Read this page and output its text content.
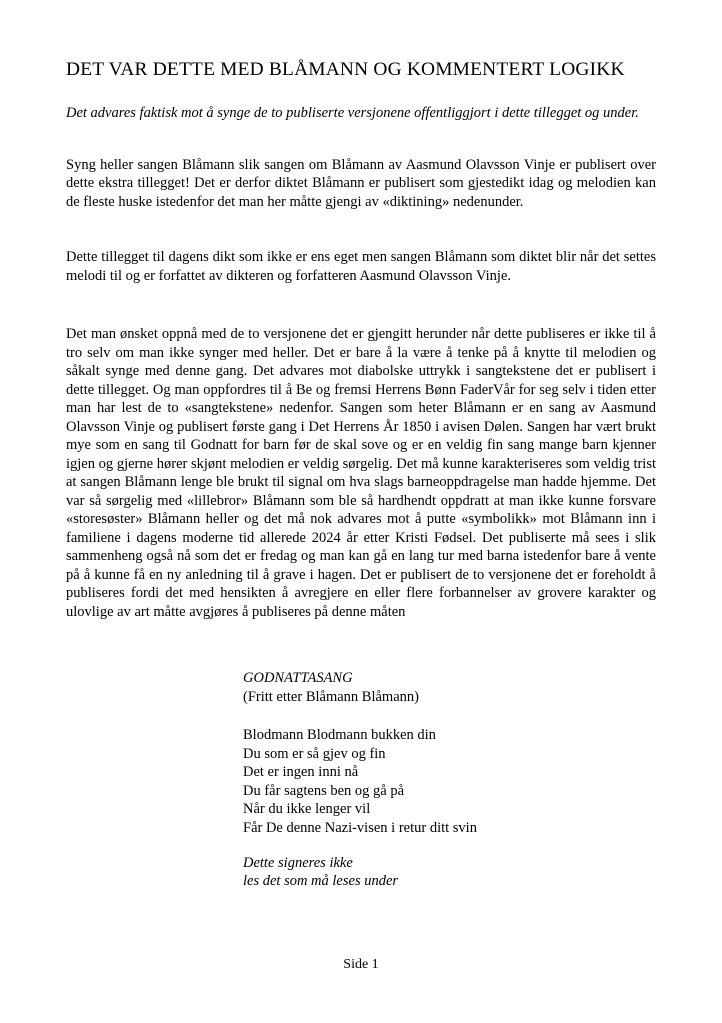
DET VAR DETTE MED BLÅMANN OG KOMMENTERT LOGIKK
Det advares faktisk mot å synge de to publiserte versjonene offentliggjort i dette tillegget og under.

Syng heller sangen Blåmann slik sangen om Blåmann av Aasmund Olavsson Vinje er publisert over dette ekstra tillegget! Det er derfor diktet Blåmann er publisert som gjestedikt idag og melodien kan de fleste huske istedenfor det man her måtte gjengi av «diktining» nedenunder.

Dette tillegget til dagens dikt som ikke er ens eget men sangen Blåmann som diktet blir når det settes melodi til og er forfattet av dikteren og forfatteren Aasmund Olavsson Vinje.

Det man ønsket oppnå med de to versjonene det er gjengitt herunder når dette publiseres er ikke til å tro selv om man ikke synger med heller. Det er bare å la være å tenke på å knytte til melodien og såkalt synge med denne gang. Det advares mot diabolske uttrykk i sangtekstene det er publisert i dette tillegget. Og man oppfordres til å Be og fremsi Herrens Bønn FaderVår for seg selv i tiden etter man har lest de to «sangtekstene» nedenfor. Sangen som heter Blåmann er en sang av Aasmund Olavsson Vinje og publisert første gang i Det Herrens År 1850 i avisen Dølen. Sangen har vært brukt mye som en sang til Godnatt for barn før de skal sove og er en veldig fin sang mange barn kjenner igjen og gjerne hører skjønt melodien er veldig sørgelig. Det må kunne karakteriseres som veldig trist at sangen Blåmann lenge ble brukt til signal om hva slags barneoppdragelse man hadde hjemme. Det var så sørgelig med «lillebror» Blåmann som ble så hardhendt oppdratt at man ikke kunne forsvare «storesøster» Blåmann heller og det må nok advares mot å putte «symbolikk» mot Blåmann inn i familiene i dagens moderne tid allerede 2024 år etter Kristi Fødsel. Det publiserte må sees i slik sammenheng også nå som det er fredag og man kan gå en lang tur med barna istedenfor bare å vente på å kunne få en ny anledning til å grave i hagen. Det er publisert de to versjonene det er foreholdt å publiseres fordi det med hensikten å avregjere en eller flere forbannelser av grovere karakter og ulovlige av art måtte avgjøres å publiseres på denne måten

GODNATTASANG
(Fritt etter Blåmann Blåmann)
Blodmann Blodmann bukken din
Du som er så gjev og fin
Det er ingen inni nå
Du får sagtens ben og gå på
Når du ikke lenger vil
Får De denne Nazi-visen i retur ditt svin
Dette signeres ikke
les det som må leses under
Side 1
